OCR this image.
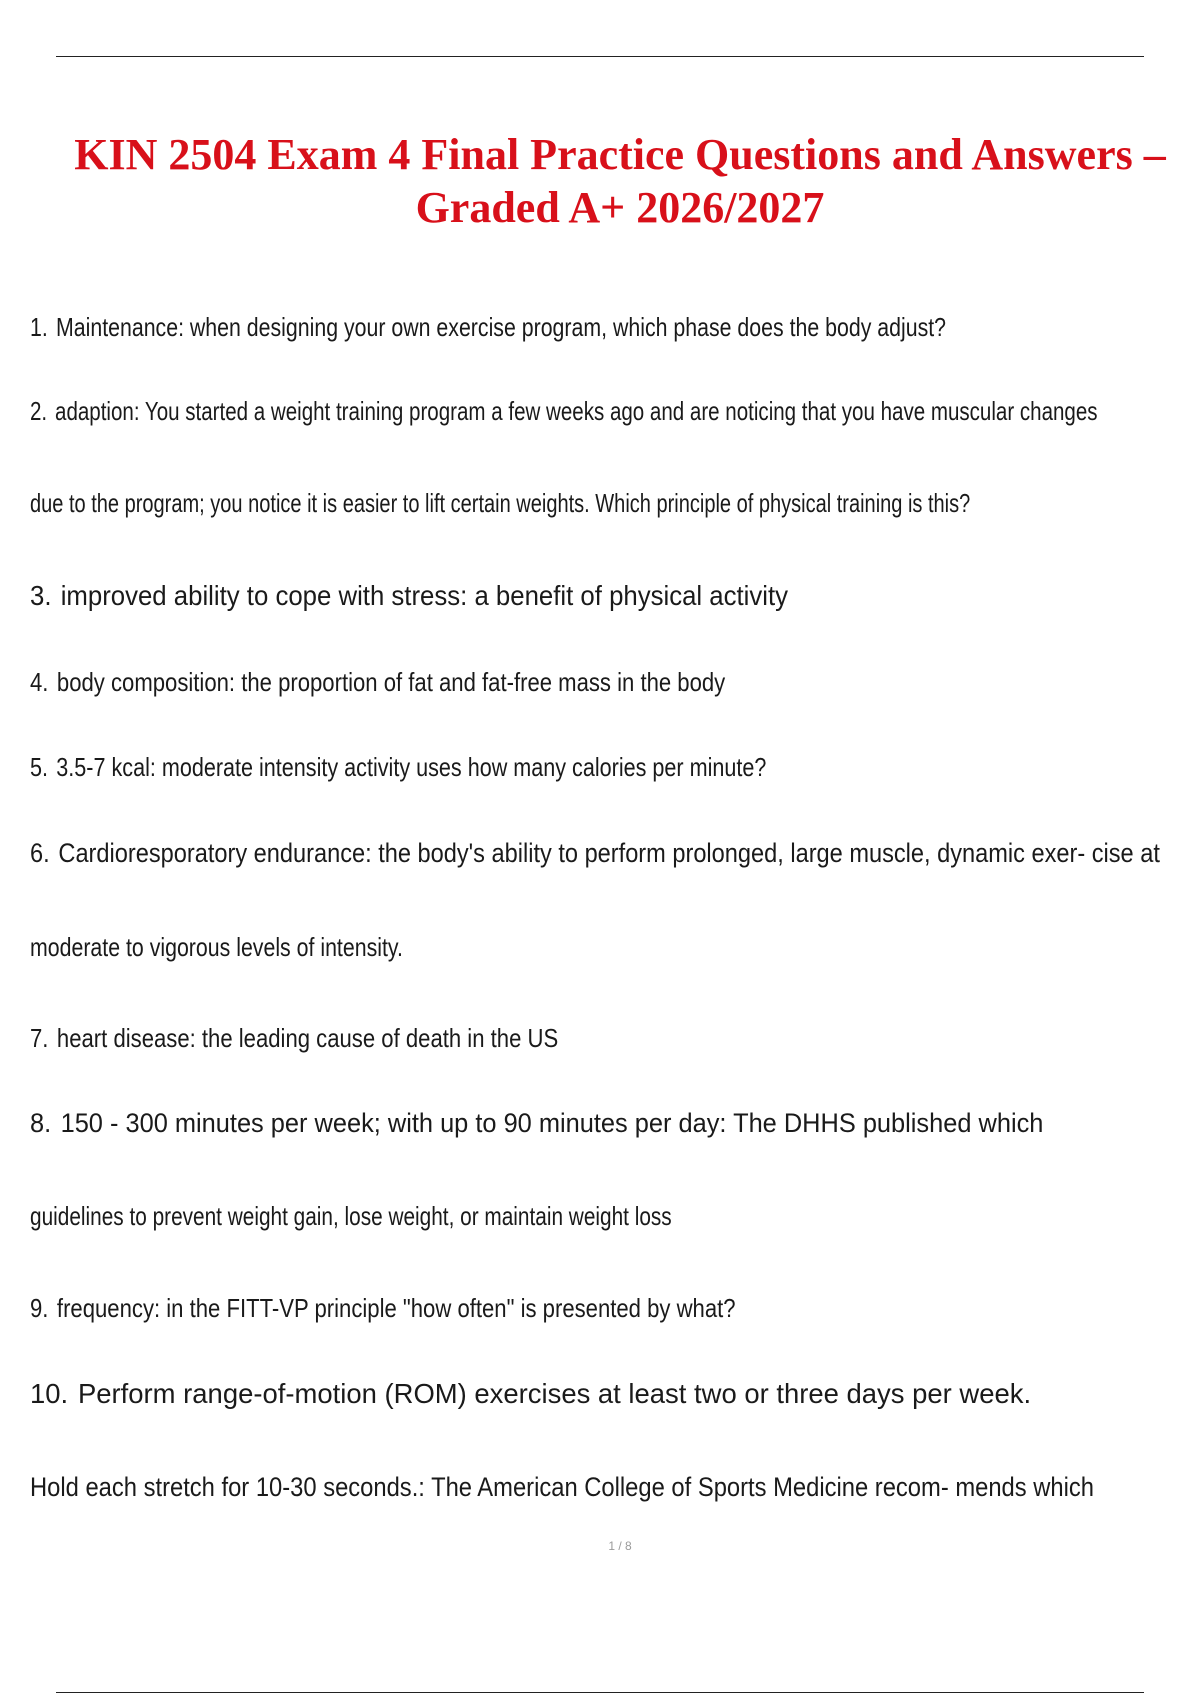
KIN 2504 Exam 4 Final Practice Questions and Answers –
Graded A+ 2026/2027
1. Maintenance: when designing your own exercise program, which phase does the body adjust?
2. adaption: You started a weight training program a few weeks ago and are noticing that you have muscular changes
due to the program; you notice it is easier to lift certain weights. Which principle of physical training is this?
3. improved ability to cope with stress: a benefit of physical activity
4. body composition: the proportion of fat and fat-free mass in the body
5. 3.5-7 kcal: moderate intensity activity uses how many calories per minute?
6. Cardioresporatory endurance: the body's ability to perform prolonged, large muscle, dynamic exer- cise at
moderate to vigorous levels of intensity.
7. heart disease: the leading cause of death in the US
8. 150 - 300 minutes per week; with up to 90 minutes per day: The DHHS published which
guidelines to prevent weight gain, lose weight, or maintain weight loss
9. frequency: in the FITT-VP principle "how often" is presented by what?
10. Perform range-of-motion (ROM) exercises at least two or three days per week.
Hold each stretch for 10-30 seconds.: The American College of Sports Medicine recom- mends which
1 / 8
